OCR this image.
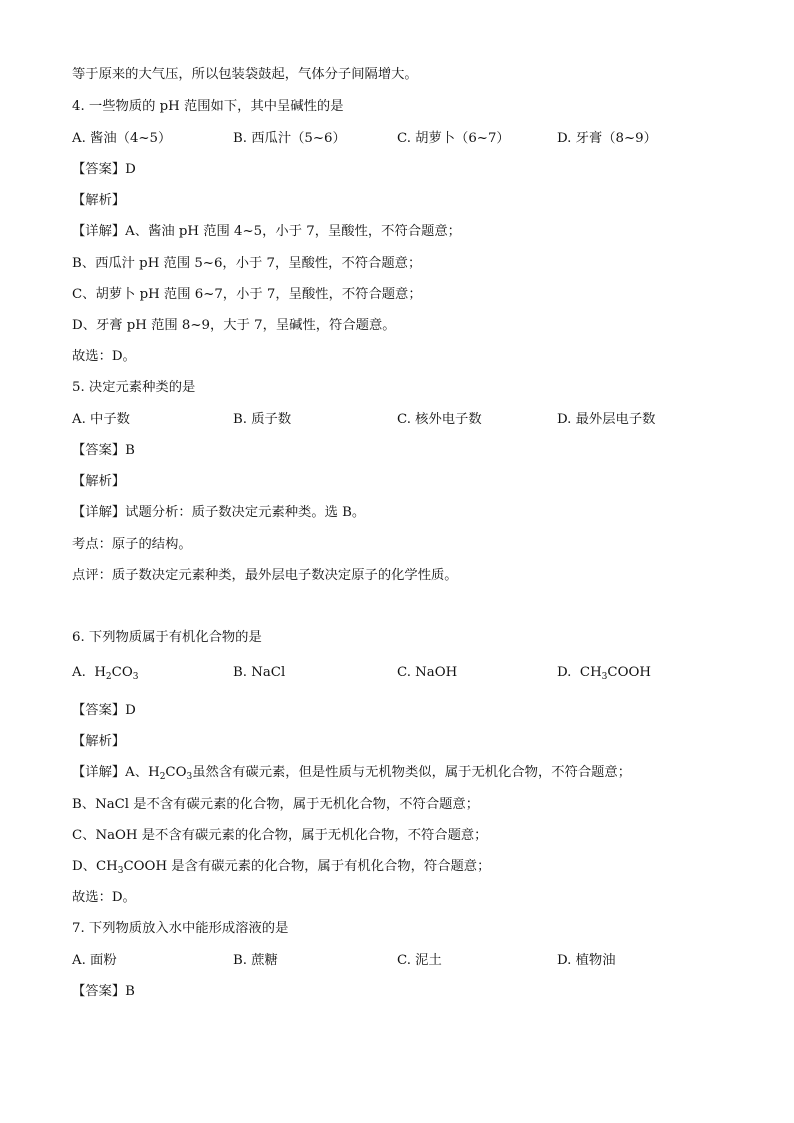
等于原来的大气压，所以包装袋鼓起，气体分子间隔增大。
4. 一些物质的 pH 范围如下，其中呈碱性的是
A. 酱油（4~5）	B. 西瓜汁（5~6）	C. 胡萝卜（6~7）	D. 牙膏（8~9）
【答案】D
【解析】
【详解】A、酱油 pH 范围 4~5，小于 7，呈酸性，不符合题意；
B、西瓜汁 pH 范围 5~6，小于 7，呈酸性，不符合题意；
C、胡萝卜 pH 范围 6~7，小于 7，呈酸性，不符合题意；
D、牙膏 pH 范围 8~9，大于 7，呈碱性，符合题意。
故选：D。
5. 决定元素种类的是
A. 中子数	B. 质子数	C. 核外电子数	D. 最外层电子数
【答案】B
【解析】
【详解】试题分析：质子数决定元素种类。选 B。
考点：原子的结构。
点评：质子数决定元素种类，最外层电子数决定原子的化学性质。
6. 下列物质属于有机化合物的是
A. $H_2CO_3$	B. NaCl	C. NaOH	D. $CH_3COOH$
【答案】D
【解析】
【详解】A、$H_2CO_3$虽然含有碳元素，但是性质与无机物类似，属于无机化合物，不符合题意；
B、NaCl 是不含有碳元素的化合物，属于无机化合物，不符合题意；
C、NaOH 是不含有碳元素的化合物，属于无机化合物，不符合题意；
D、$CH_3COOH$ 是含有碳元素的化合物，属于有机化合物，符合题意；
故选：D。
7. 下列物质放入水中能形成溶液的是
A. 面粉	B. 蔗糖	C. 泥土	D. 植物油
【答案】B
